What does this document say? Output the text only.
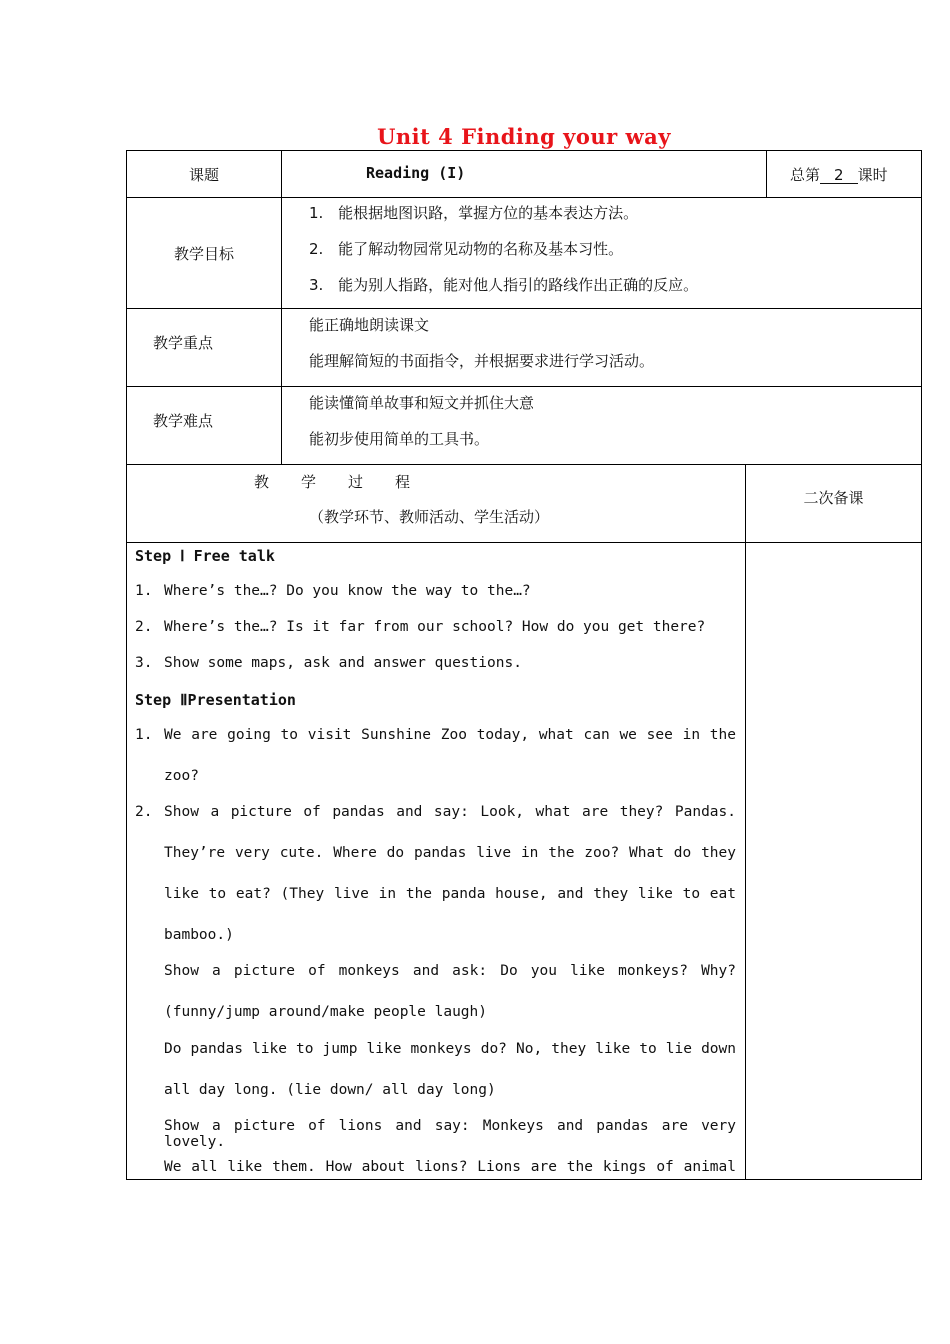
Unit 4 Finding your way
课题	Reading (I)	总第 2 课时
教学目标
1. 能根据地图识路，掌握方位的基本表达方法。
2. 能了解动物园常见动物的名称及基本习性。
3. 能为别人指路，能对他人指引的路线作出正确的反应。
教学重点
能正确地朗读课文
能理解简短的书面指令，并根据要求进行学习活动。
教学难点
能读懂简单故事和短文并抓住大意
能初步使用简单的工具书。
教 学 过 程
（教学环节、教师活动、学生活动）
二次备课
Step Ⅰ Free talk
1. Where’s the…? Do you know the way to the…?
2. Where’s the…? Is it far from our school? How do you get there?
3. Show some maps, ask and answer questions.
Step ⅡPresentation
1. We are going to visit Sunshine Zoo today, what can we see in the
zoo?
2. Show a picture of pandas and say: Look, what are they? Pandas.
They’re very cute. Where do pandas live in the zoo? What do they
like to eat? (They live in the panda house, and they like to eat
bamboo.)
Show a picture of monkeys and ask: Do you like monkeys? Why?
(funny/jump around/make people laugh)
Do pandas like to jump like monkeys do? No, they like to lie down
all day long. (lie down/ all day long)
Show a picture of lions and say: Monkeys and pandas are very lovely.
We all like them. How about lions? Lions are the kings of animal
